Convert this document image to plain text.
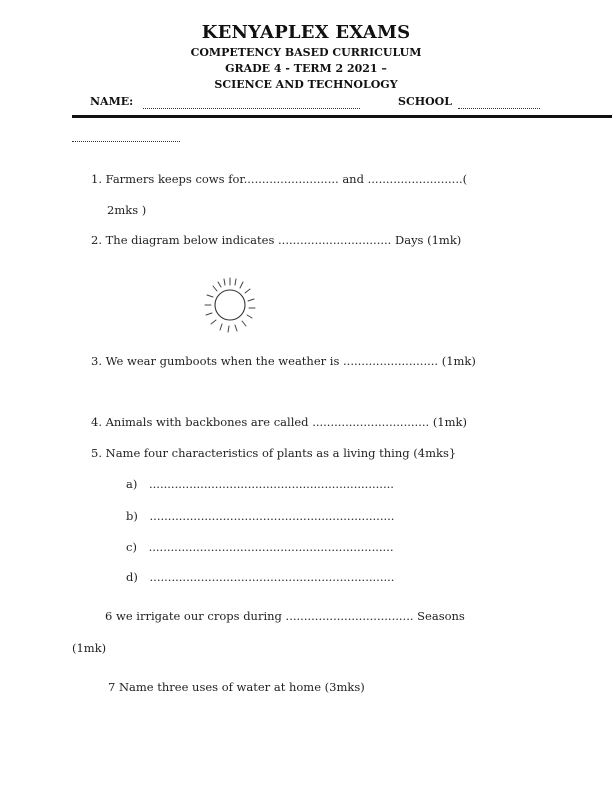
KENYAPLEX EXAMS
COMPETENCY BASED CURRICULUM
GRADE 4 - TERM 2 2021 –
SCIENCE AND TECHNOLOGY
NAME:	SCHOOL
1. Farmers keeps cows for.......................... and ..........................(
2mks )
2. The diagram below indicates ............................... Days (1mk)
3. We wear gumboots when the weather is .......................... (1mk)
4. Animals with backbones are called ................................ (1mk)
5. Name four characteristics of plants as a living thing (4mks}
a) ...................................................................
b) ...................................................................
c) ...................................................................
d) ...................................................................
6 we irrigate our crops during ................................... Seasons
(1mk)
7 Name three uses of water at home (3mks)
